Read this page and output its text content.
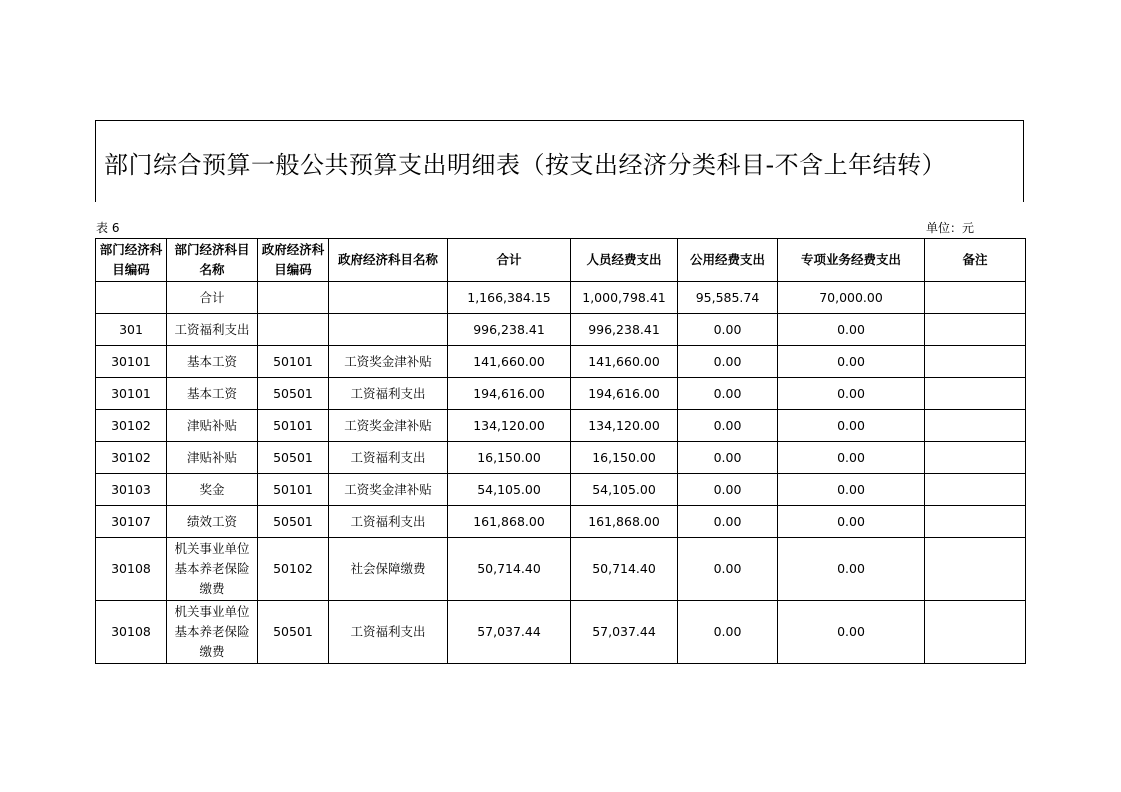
部门综合预算一般公共预算支出明细表（按支出经济分类科目-不含上年结转）
表 6	单位：元
部门经济科目编码	部门经济科目名称	政府经济科目编码	政府经济科目名称	合计	人员经费支出	公用经费支出	专项业务经费支出	备注
	合计			1,166,384.15	1,000,798.41	95,585.74	70,000.00	
301	工资福利支出			996,238.41	996,238.41	0.00	0.00	
30101	基本工资	50101	工资奖金津补贴	141,660.00	141,660.00	0.00	0.00	
30101	基本工资	50501	工资福利支出	194,616.00	194,616.00	0.00	0.00	
30102	津贴补贴	50101	工资奖金津补贴	134,120.00	134,120.00	0.00	0.00	
30102	津贴补贴	50501	工资福利支出	16,150.00	16,150.00	0.00	0.00	
30103	奖金	50101	工资奖金津补贴	54,105.00	54,105.00	0.00	0.00	
30107	绩效工资	50501	工资福利支出	161,868.00	161,868.00	0.00	0.00	
30108	机关事业单位基本养老保险缴费	50102	社会保障缴费	50,714.40	50,714.40	0.00	0.00	
30108	机关事业单位基本养老保险缴费	50501	工资福利支出	57,037.44	57,037.44	0.00	0.00	
